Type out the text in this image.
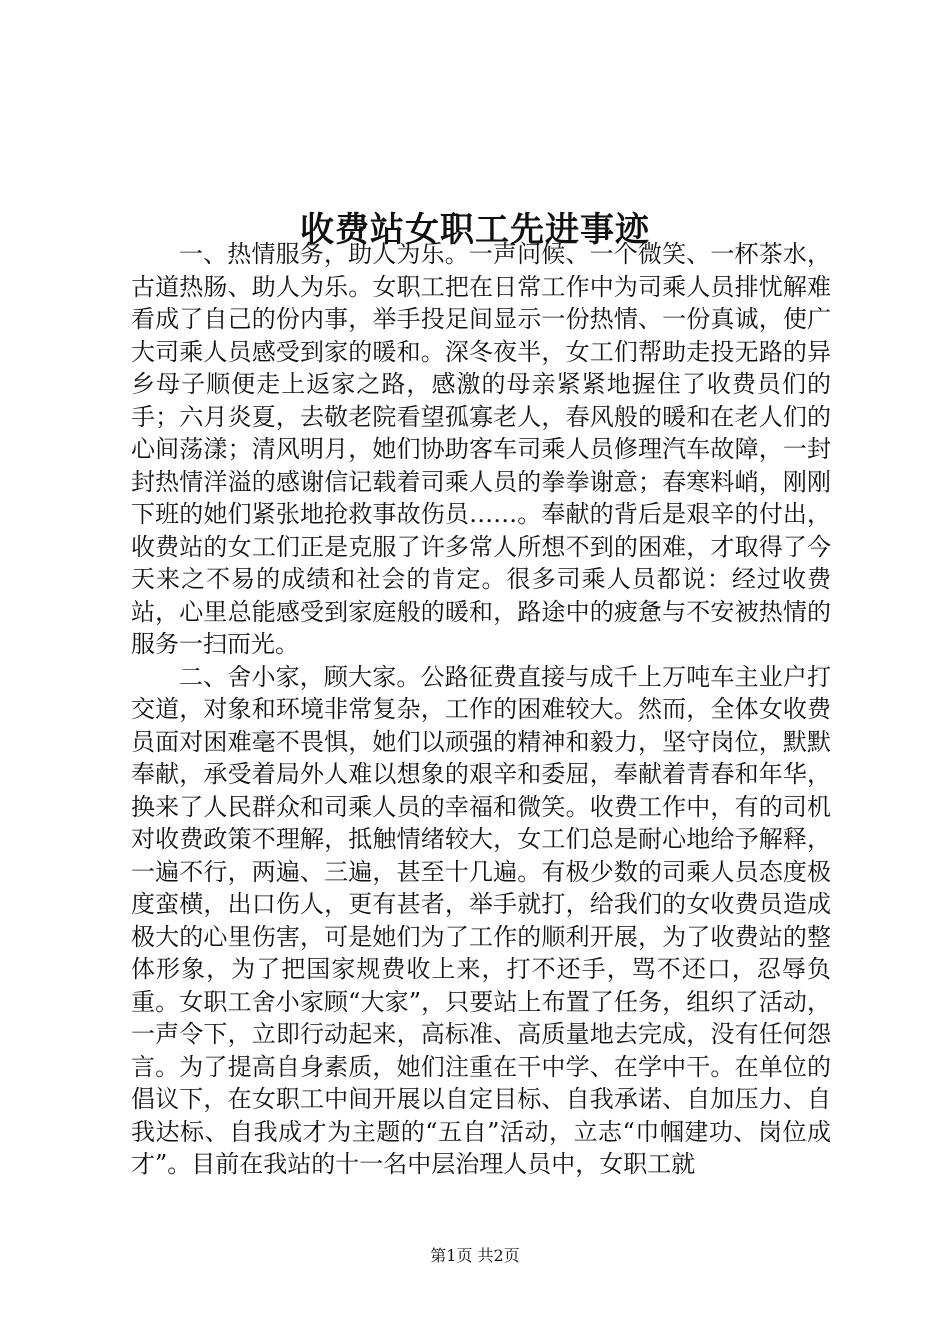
收费站女职工先进事迹

一、热情服务，助人为乐。一声问候、一个微笑、一杯茶水，古道热肠、助人为乐。女职工把在日常工作中为司乘人员排忧解难看成了自己的份内事，举手投足间显示一份热情、一份真诚，使广大司乘人员感受到家的暖和。深冬夜半，女工们帮助走投无路的异乡母子顺便走上返家之路，感激的母亲紧紧地握住了收费员们的手；六月炎夏，去敬老院看望孤寡老人，春风般的暖和在老人们的心间荡漾；清风明月，她们协助客车司乘人员修理汽车故障，一封封热情洋溢的感谢信记载着司乘人员的拳拳谢意；春寒料峭，刚刚下班的她们紧张地抢救事故伤员……。奉献的背后是艰辛的付出，收费站的女工们正是克服了许多常人所想不到的困难，才取得了今天来之不易的成绩和社会的肯定。很多司乘人员都说：经过收费站，心里总能感受到家庭般的暖和，路途中的疲惫与不安被热情的服务一扫而光。

二、舍小家，顾大家。公路征费直接与成千上万吨车主业户打交道，对象和环境非常复杂，工作的困难较大。然而，全体女收费员面对困难毫不畏惧，她们以顽强的精神和毅力，坚守岗位，默默奉献，承受着局外人难以想象的艰辛和委屈，奉献着青春和年华，换来了人民群众和司乘人员的幸福和微笑。收费工作中，有的司机对收费政策不理解，抵触情绪较大，女工们总是耐心地给予解释，一遍不行，两遍、三遍，甚至十几遍。有极少数的司乘人员态度极度蛮横，出口伤人，更有甚者，举手就打，给我们的女收费员造成极大的心里伤害，可是她们为了工作的顺利开展，为了收费站的整体形象，为了把国家规费收上来，打不还手，骂不还口，忍辱负重。女职工舍小家顾“大家”，只要站上布置了任务，组织了活动，一声令下，立即行动起来，高标准、高质量地去完成，没有任何怨言。为了提高自身素质，她们注重在干中学、在学中干。在单位的倡议下，在女职工中间开展以自定目标、自我承诺、自加压力、自我达标、自我成才为主题的“五自”活动，立志“巾帼建功、岗位成才”。目前在我站的十一名中层治理人员中，女职工就

第1页 共2页
